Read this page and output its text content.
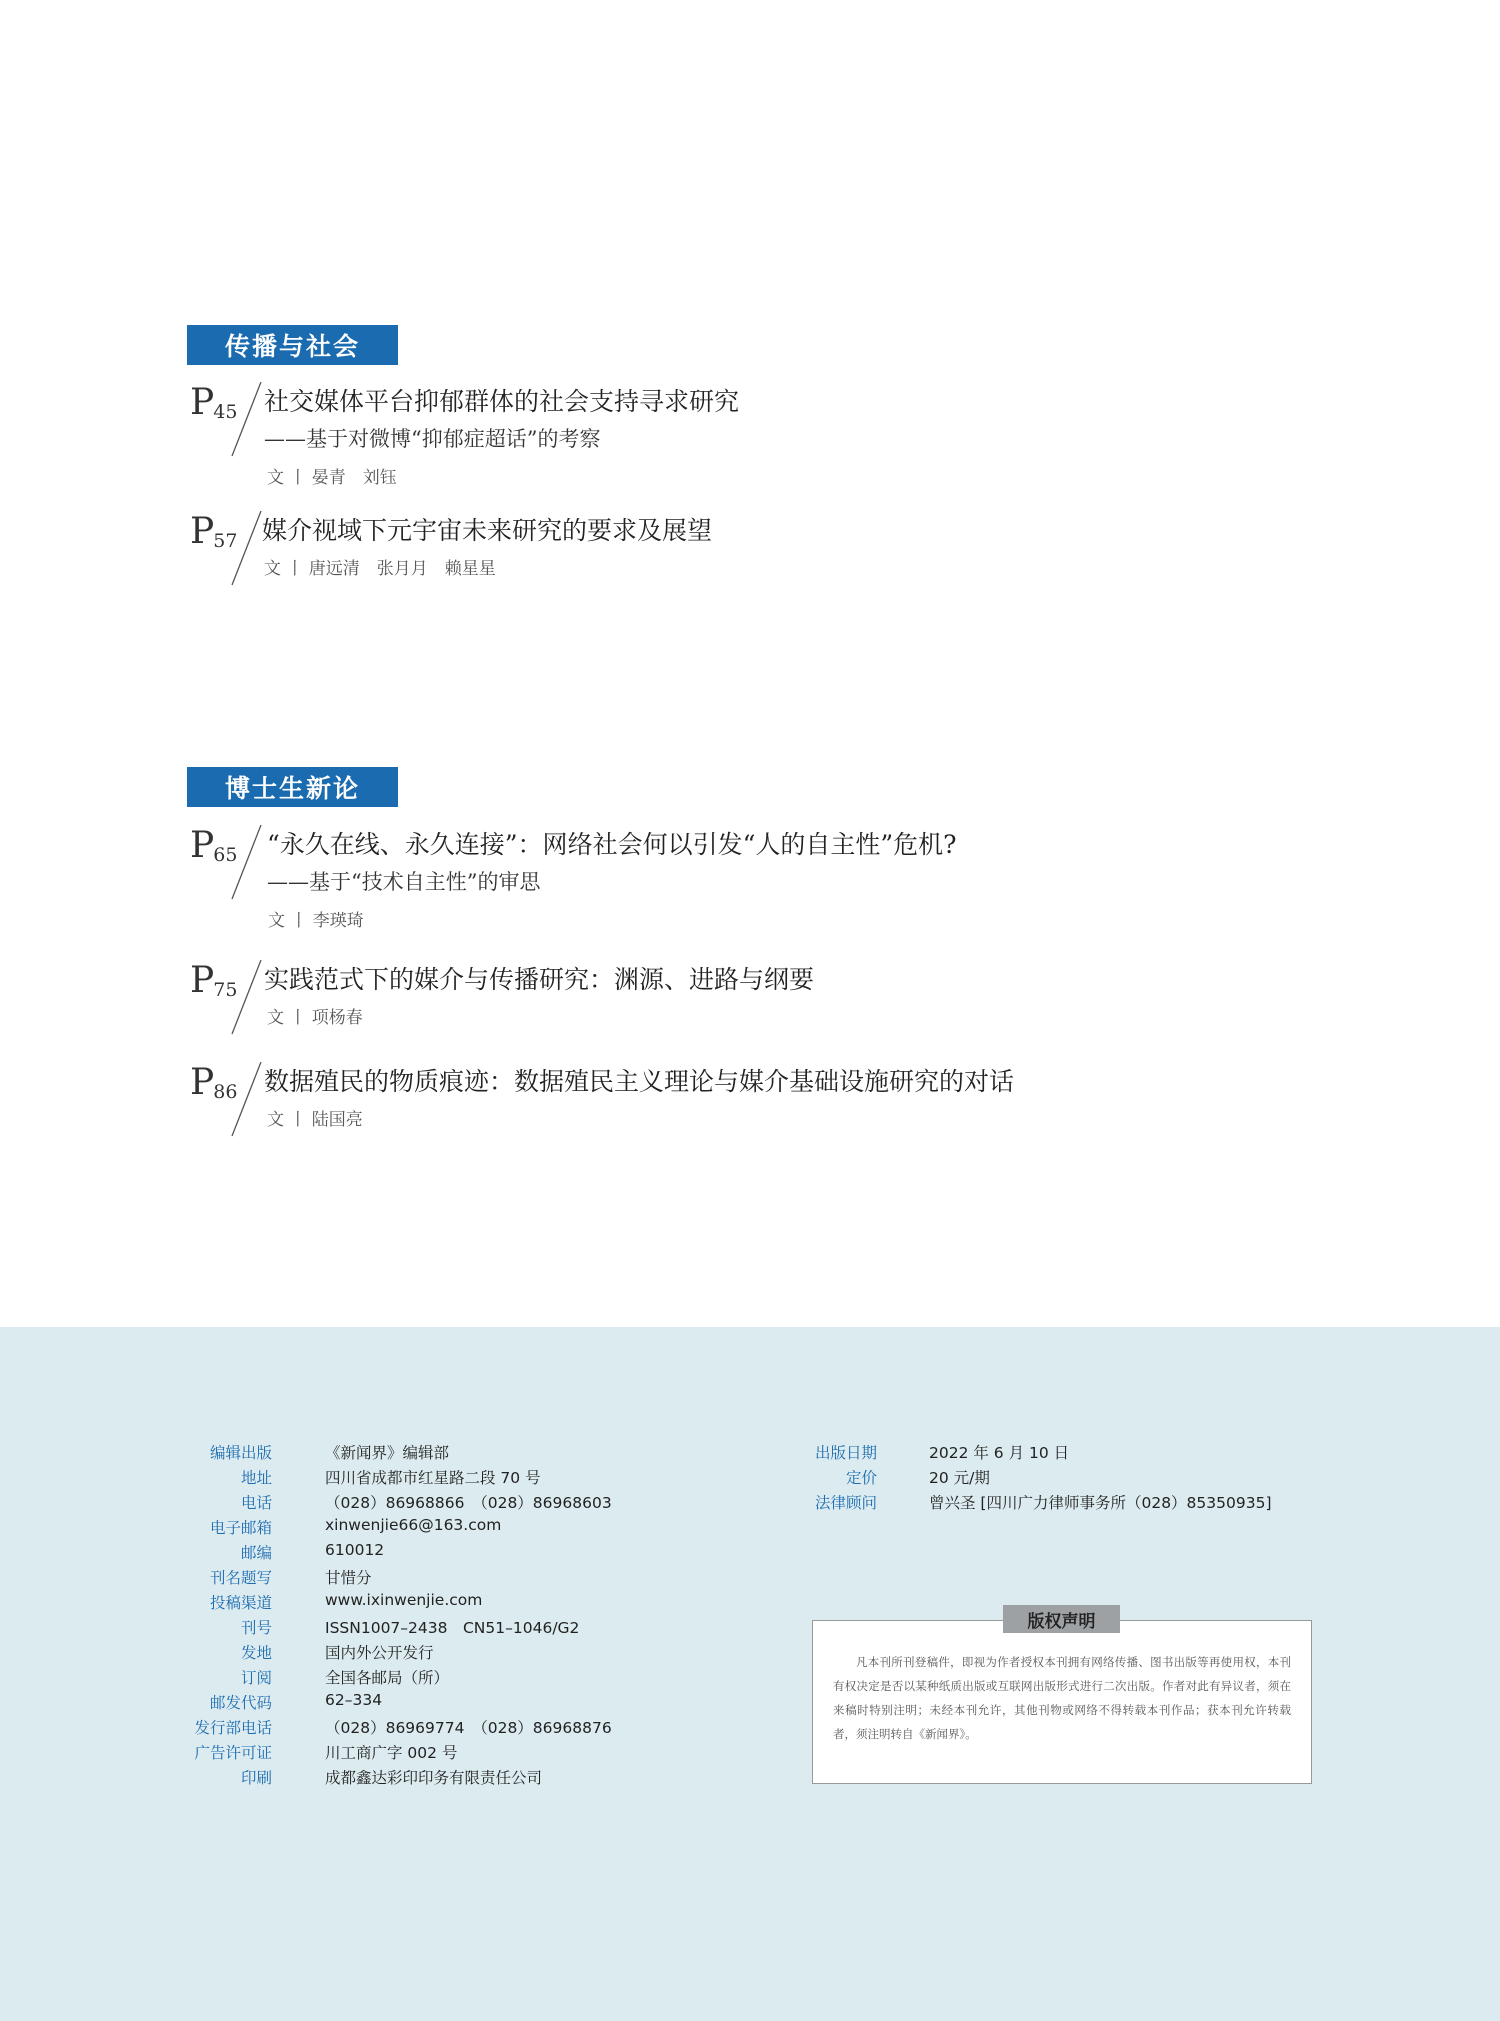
传播与社会
P45 社交媒体平台抑郁群体的社会支持寻求研究
——基于对微博“抑郁症超话”的考察
文 丨 晏青　刘钰
P57 媒介视域下元宇宙未来研究的要求及展望
文 丨 唐远清　张月月　赖星星
博士生新论
P65 “永久在线、永久连接”：网络社会何以引发“人的自主性”危机?
——基于“技术自主性”的审思
文 丨 李瑛琦
P75 实践范式下的媒介与传播研究：渊源、进路与纲要
文 丨 项杨春
P86 数据殖民的物质痕迹：数据殖民主义理论与媒介基础设施研究的对话
文 丨 陆国亮
编辑出版	《新闻界》编辑部
地址	四川省成都市红星路二段 70 号
电话	（028）86968866　（028）86968603
电子邮箱	xinwenjie66@163.com
邮编	610012
刊名题写	甘惜分
投稿渠道	www.ixinwenjie.com
刊号	ISSN1007–2438　CN51–1046/G2
发地	国内外公开发行
订阅	全国各邮局（所）
邮发代码	62–334
发行部电话	（028）86969774　（028）86968876
广告许可证	川工商广字 002 号
印刷	成都鑫达彩印印务有限责任公司
出版日期	2022 年 6 月 10 日
定价	20 元/期
法律顾问	曾兴圣 [四川广力律师事务所（028）85350935]
凡本刊所刊登稿件，即视为作者授权本刊拥有网络传播、图书出版等再使用权，本刊有权决定是否以某种纸质出版或互联网出版形式进行二次出版。作者对此有异议者，须在来稿时特别注明；未经本刊允许，其他刊物或网络不得转载本刊作品；获本刊允许转载者，须注明转自《新闻界》。
版权声明
